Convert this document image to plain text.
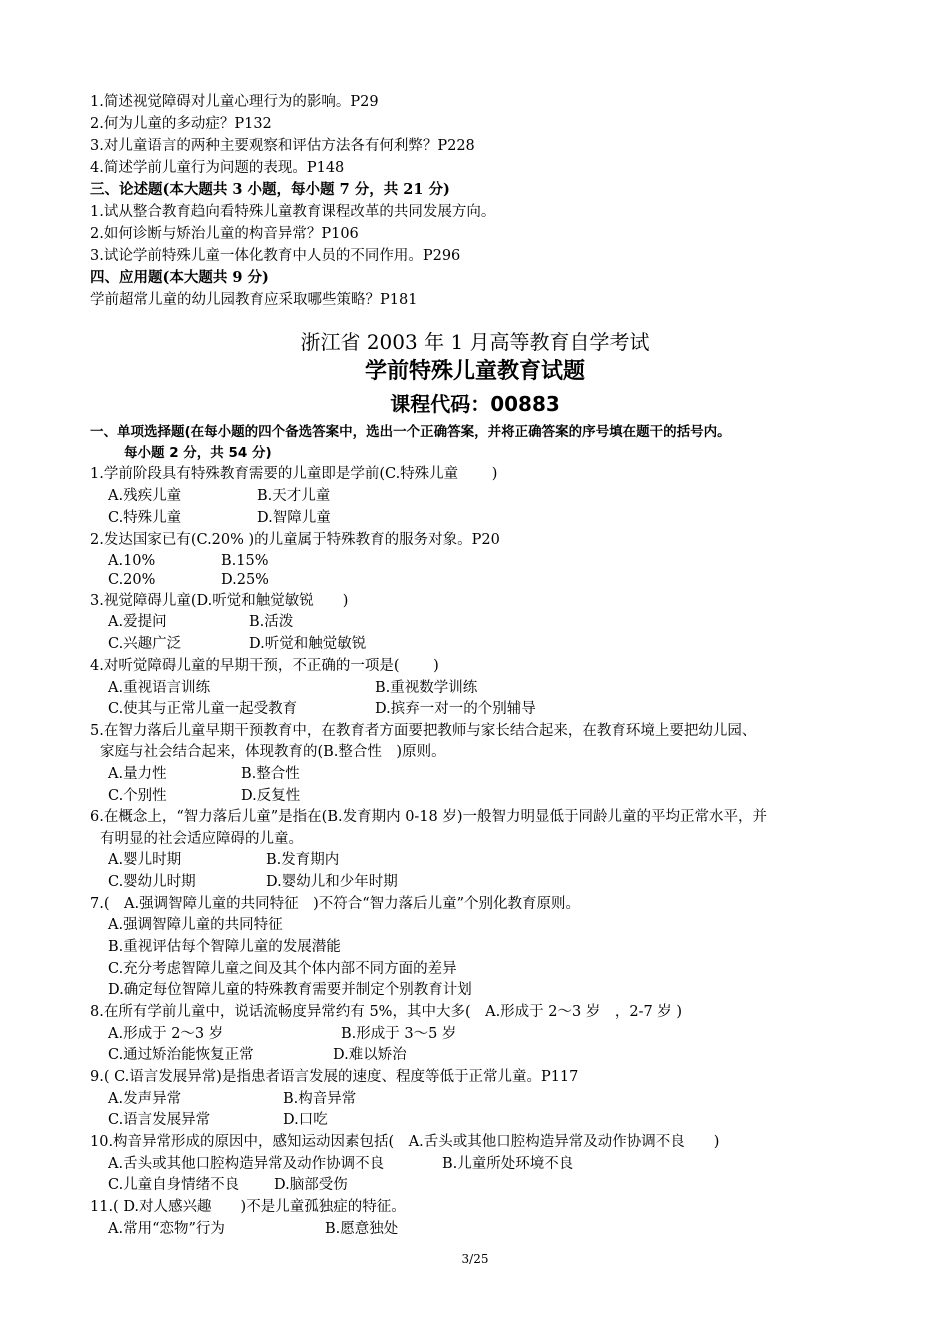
1.简述视觉障碍对儿童心理行为的影响。P29
2.何为儿童的多动症？P132
3.对儿童语言的两种主要观察和评估方法各有何利弊？P228
4.简述学前儿童行为问题的表现。P148
三、论述题(本大题共 3 小题，每小题 7 分，共 21 分)
1.试从整合教育趋向看特殊儿童教育课程改革的共同发展方向。
2.如何诊断与矫治儿童的构音异常？P106
3.试论学前特殊儿童一体化教育中人员的不同作用。P296
四、应用题(本大题共 9 分)
学前超常儿童的幼儿园教育应采取哪些策略？P181
浙江省 2003 年 1 月高等教育自学考试
学前特殊儿童教育试题
课程代码：00883
一、单项选择题(在每小题的四个备选答案中，选出一个正确答案，并将正确答案的序号填在题干的括号内。
每小题 2 分，共 54 分)
1.学前阶段具有特殊教育需要的儿童即是学前(C.特殊儿童　　 )
A.残疾儿童	B.天才儿童
C.特殊儿童	D.智障儿童
2.发达国家已有(C.20% )的儿童属于特殊教育的服务对象。P20
A.10%	B.15%
C.20%	D.25%
3.视觉障碍儿童(D.听觉和触觉敏锐　　)
A.爱提问	B.活泼
C.兴趣广泛	D.听觉和触觉敏锐
4.对听觉障碍儿童的早期干预，不正确的一项是(　　 )
A.重视语言训练	B.重视数学训练
C.使其与正常儿童一起受教育	D.摈弃一对一的个别辅导
5.在智力落后儿童早期干预教育中，在教育者方面要把教师与家长结合起来，在教育环境上要把幼儿园、
家庭与社会结合起来，体现教育的(B.整合性　)原则。
A.量力性	B.整合性
C.个别性	D.反复性
6.在概念上，“智力落后儿童”是指在(B.发育期内 0-18 岁)一般智力明显低于同龄儿童的平均正常水平，并
有明显的社会适应障碍的儿童。
A.婴儿时期	B.发育期内
C.婴幼儿时期	D.婴幼儿和少年时期
7.(　A.强调智障儿童的共同特征　)不符合“智力落后儿童”个别化教育原则。
A.强调智障儿童的共同特征
B.重视评估每个智障儿童的发展潜能
C.充分考虑智障儿童之间及其个体内部不同方面的差异
D.确定每位智障儿童的特殊教育需要并制定个别教育计划
8.在所有学前儿童中，说话流畅度异常约有 5%，其中大多(　A.形成于 2～3 岁　，2-7 岁 )
A.形成于 2～3 岁	B.形成于 3～5 岁
C.通过矫治能恢复正常	D.难以矫治
9.( C.语言发展异常)是指患者语言发展的速度、程度等低于正常儿童。P117
A.发声异常	B.构音异常
C.语言发展异常	D.口吃
10.构音异常形成的原因中，感知运动因素包括(　A.舌头或其他口腔构造异常及动作协调不良　　)
A.舌头或其他口腔构造异常及动作协调不良	B.儿童所处环境不良
C.儿童自身情绪不良 D.脑部受伤
11.( D.对人感兴趣　　)不是儿童孤独症的特征。
A.常用“恋物”行为	B.愿意独处
3/25
